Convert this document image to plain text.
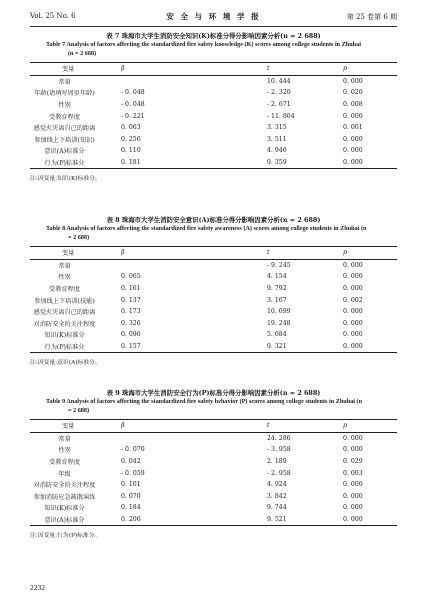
Vol. 25 No. 6	安 全 与 环 境 学 报	第 25 卷第 6 期
表 7 珠海市大学生消防安全知识(K)标准分得分影响因素分析(n = 2 688)
Table 7 Analysis of factors affecting the standardized fire safety knowledge (K) scores among college students in Zhuhai (n = 2 688)
变量	β	t	p
常量		10. 444	0. 000
年龄(请填写周岁年龄)	- 0. 048	- 2. 320	0. 020
性别	- 0. 048	- 2. 671	0. 008
受教育程度	- 0. 221	- 11. 804	0. 000
感觉火灾离自己的距离	0. 063	3. 315	0. 001
参加线上下培训(知识)	0. 256	3. 511	0. 000
意识(A)标准分	0. 110	4. 946	0. 000
行为(P)标准分	0. 181	9. 359	0. 000
注:因变量:知识(K)标准分。
表 8 珠海市大学生消防安全意识(A)标准分得分影响因素分析(n = 2 688)
Table 8 Analysis of factors affecting the standardized fire safety awareness (A) scores among college students in Zhuhai (n = 2 688)
变量	β	t	p
常量		- 9. 245	0. 000
性别	0. 065	4. 154	0. 000
受教育程度	0. 161	9. 792	0. 000
参加线上下培训(技能)	0. 137	3. 167	0. 002
感觉火灾离自己的距离	0. 173	10. 699	0. 000
对消防安全的关注程度	0. 326	19. 248	0. 000
知识(K)标准分	0. 096	5. 684	0. 000
行为(P)标准分	0. 157	9. 321	0. 000
注:因变量:意识(A)标准分。
表 9 珠海市大学生消防安全行为(P)标准分得分影响因素分析(n = 2 688)
Table 9 Analysis of factors affecting the standardized fire safety behavior (P) scores among college students in Zhuhai (n = 2 688)
变量	β	t	p
常量		24. 286	0. 000
性别	- 0. 070	- 3. 958	0. 000
受教育程度	0. 042	2. 189	0. 029
年级	- 0. 059	- 2. 958	0. 003
对消防安全的关注程度	0. 101	4. 924	0. 000
参加消防应急疏散演练	0. 070	3. 842	0. 000
知识(K)标准分	0. 184	9. 744	0. 000
意识(A)标准分	0. 206	9. 521	0. 000
注:因变量:行为(P)标准分。
2232
